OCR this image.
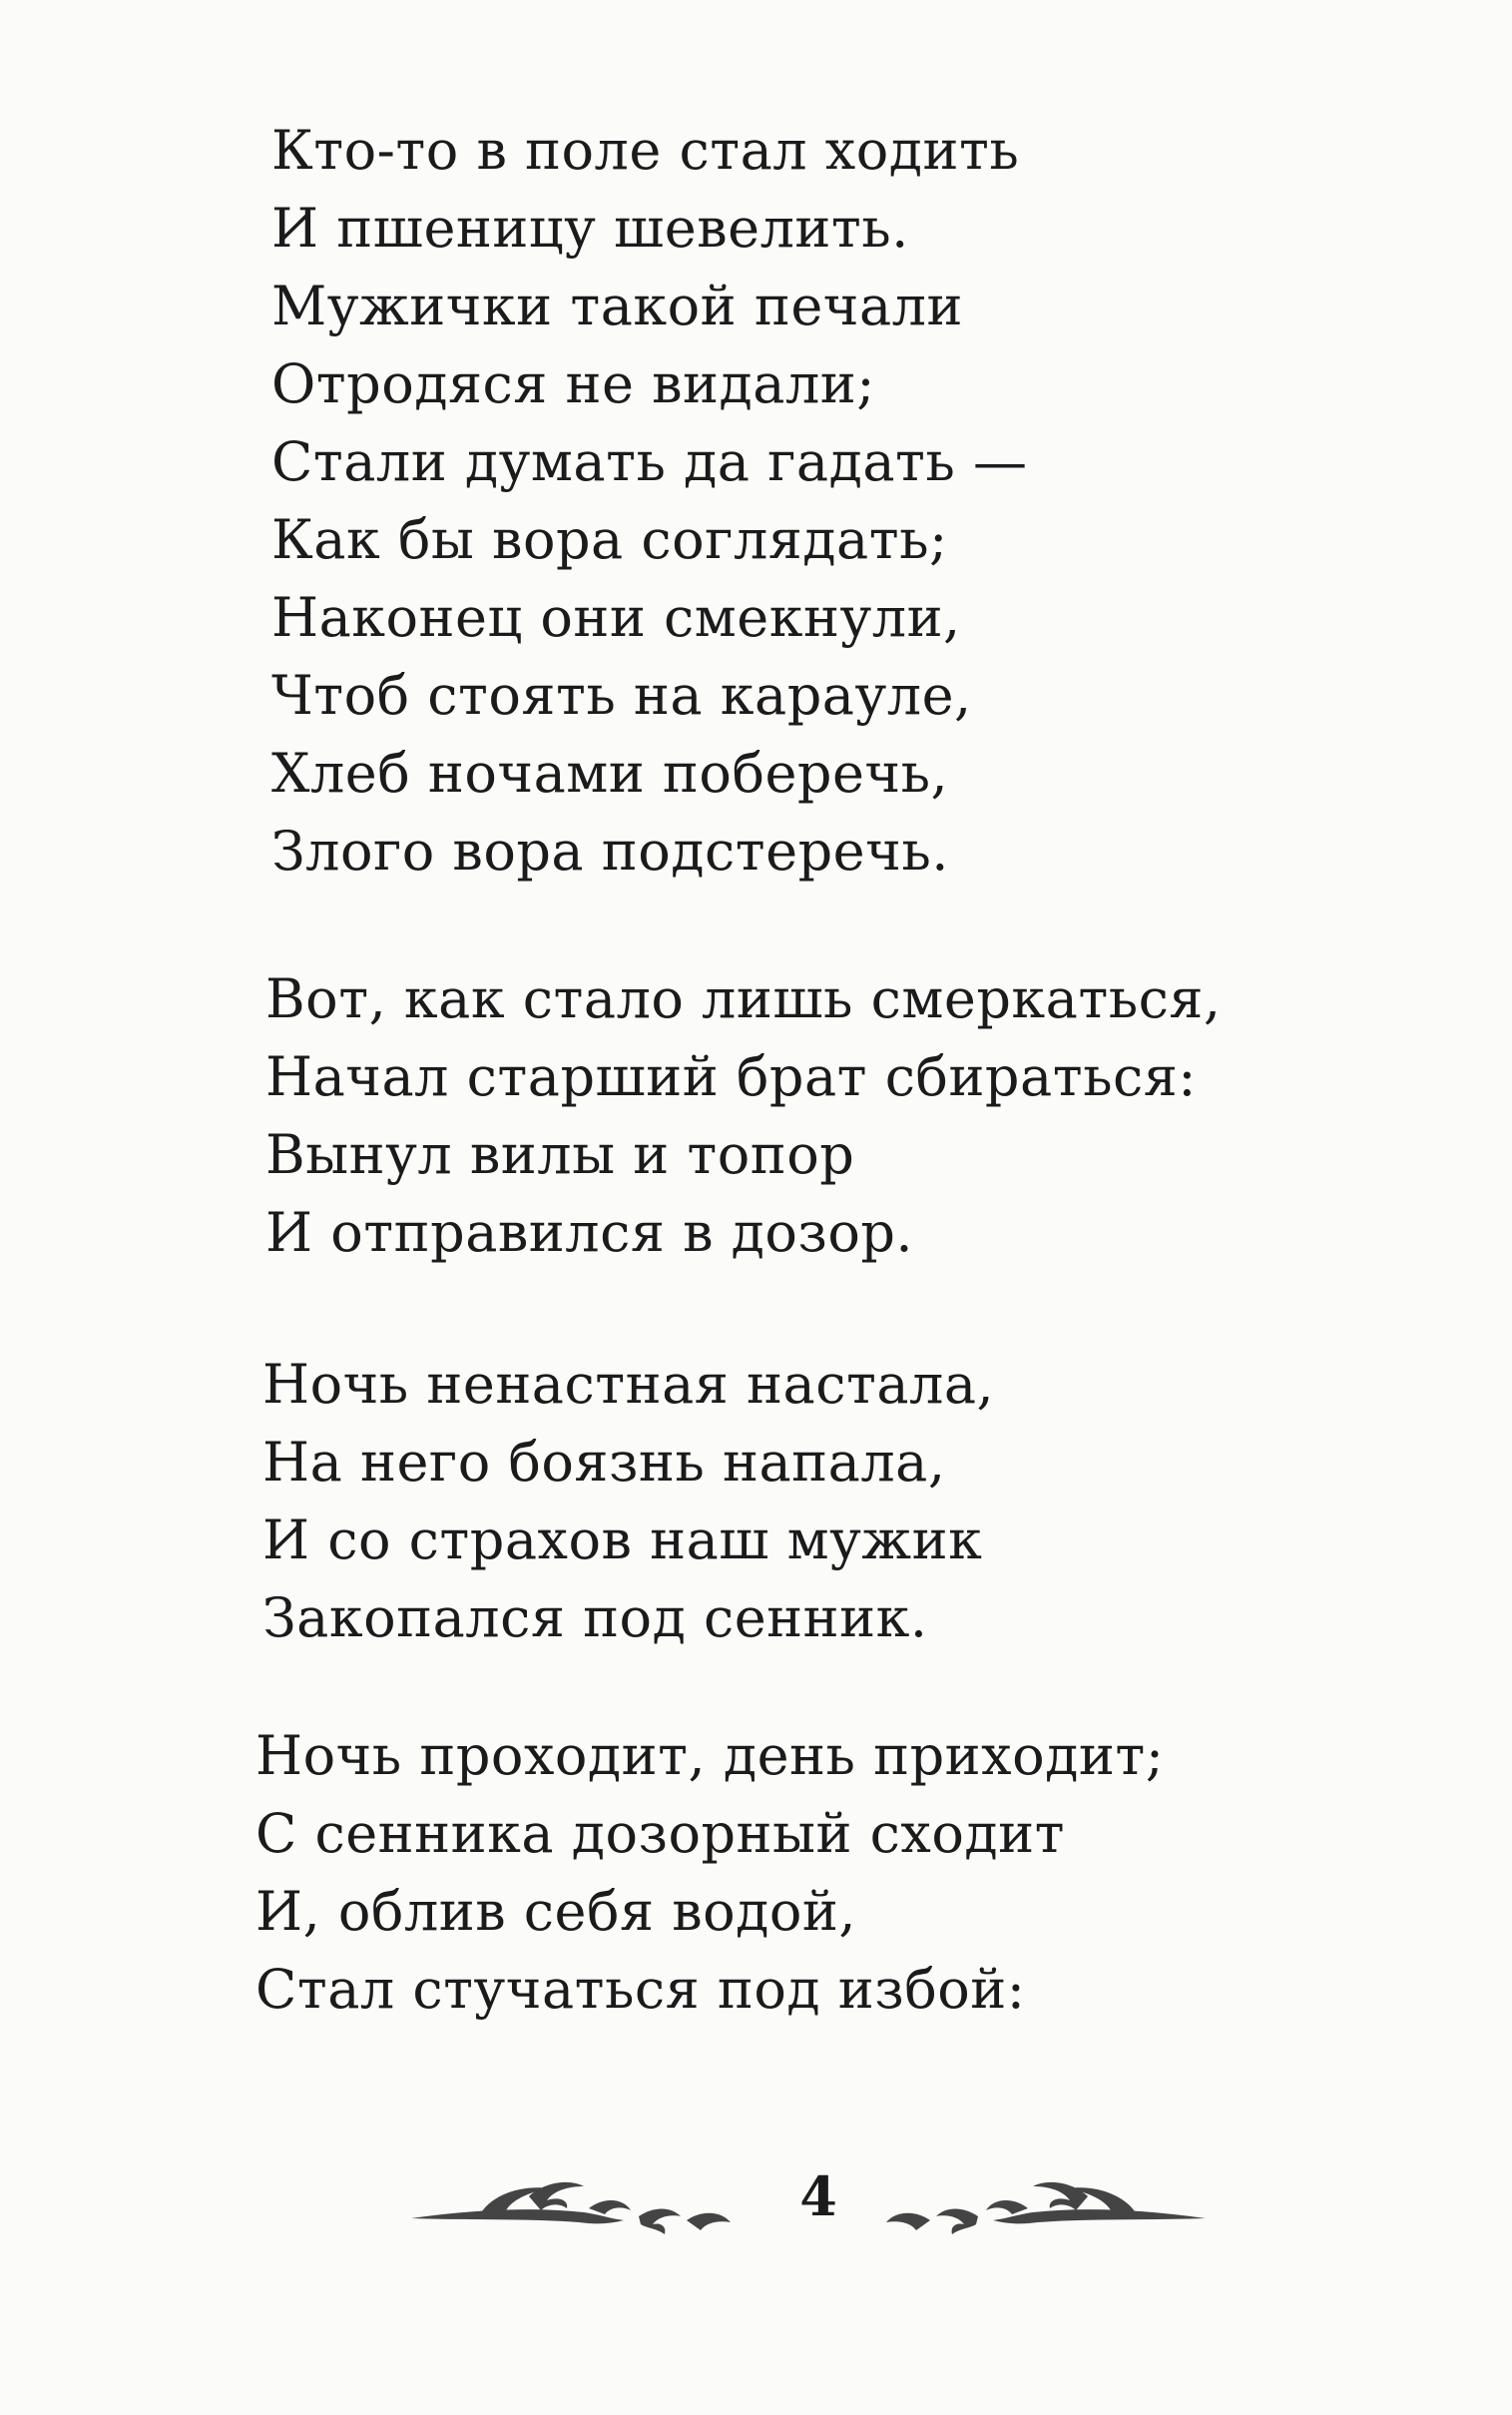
Кто-то в поле стал ходить
И пшеницу шевелить.
Мужички такой печали
Отродяся не видали;
Стали думать да гадать —
Как бы вора соглядать;
Наконец они смекнули,
Чтоб стоять на карауле,
Хлеб ночами поберечь,
Злого вора подстеречь.
Вот, как стало лишь смеркаться,
Начал старший брат сбираться:
Вынул вилы и топор
И отправился в дозор.
Ночь ненастная настала,
На него боязнь напала,
И со страхов наш мужик
Закопался под сенник.
Ночь проходит, день приходит;
С сенника дозорный сходит
И, облив себя водой,
Стал стучаться под избой:
4
